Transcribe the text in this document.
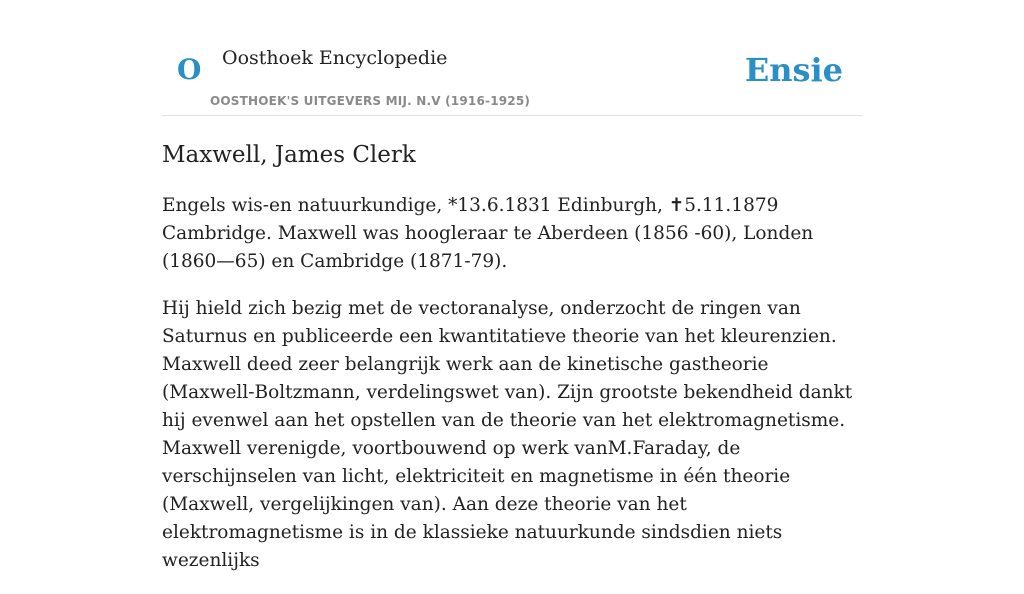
O Oosthoek Encyclopedie
OOSTHOEK'S UITGEVERS MIJ. N.V (1916-1925)
Ensie
Maxwell, James Clerk

Engels wis-en natuurkundige, *13.6.1831 Edinburgh, ✝5.11.1879 Cambridge. Maxwell was hoogleraar te Aberdeen (1856 -60), Londen (1860—65) en Cambridge (1871-79).

Hij hield zich bezig met de vectoranalyse, onderzocht de ringen van Saturnus en publiceerde een kwantitatieve theorie van het kleurenzien. Maxwell deed zeer belangrijk werk aan de kinetische gastheorie (Maxwell-Boltzmann, verdelingswet van). Zijn grootste bekendheid dankt hij evenwel aan het opstellen van de theorie van het elektromagnetisme. Maxwell verenigde, voortbouwend op werk vanM.Faraday, de verschijnselen van licht, elektriciteit en magnetisme in één theorie (Maxwell, vergelijkingen van). Aan deze theorie van het elektromagnetisme is in de klassieke natuurkunde sindsdien niets wezenlijks
